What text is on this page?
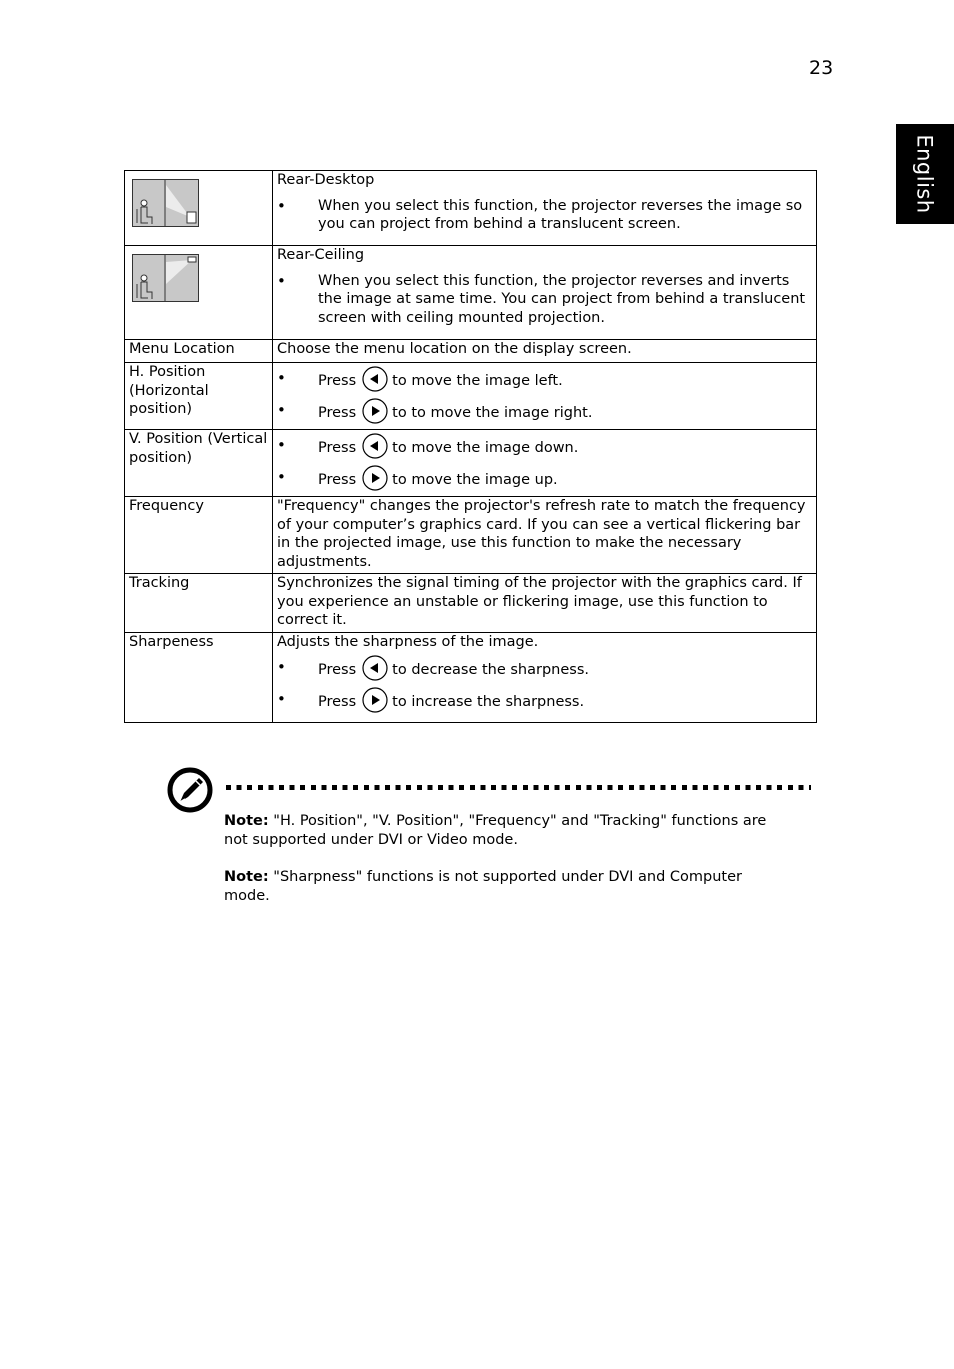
23
English

Rear-Desktop
• When you select this function, the projector reverses the image so you can project from behind a translucent screen.

Rear-Ceiling
• When you select this function, the projector reverses and inverts the image at same time. You can project from behind a translucent screen with ceiling mounted projection.

Menu Location	Choose the menu location on the display screen.
H. Position (Horizontal position)	• Press to move the image left.
• Press to to move the image right.

V. Position (Vertical position)	• Press to move the image down.
• Press to move the image up.

Frequency	"Frequency" changes the projector's refresh rate to match the frequency of your computer’s graphics card. If you can see a vertical flickering bar in the projected image, use this function to make the necessary adjustments.
Tracking	Synchronizes the signal timing of the projector with the graphics card. If you experience an unstable or flickering image, use this function to correct it.
Sharpeness	Adjusts the sharpness of the image.
• Press to decrease the sharpness.
• Press to increase the sharpness.
Note: "H. Position", "V. Position", "Frequency" and "Tracking" functions are not supported under DVI or Video mode.
Note: "Sharpness" functions is not supported under DVI and Computer mode.
